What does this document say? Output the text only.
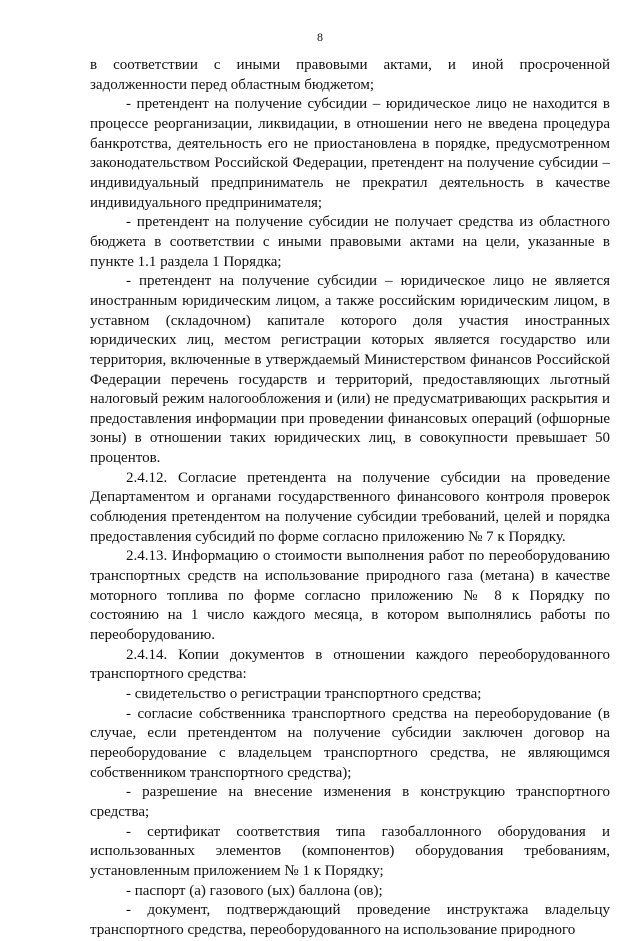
8

в соответствии с иными правовыми актами, и иной просроченной задолженности перед областным бюджетом;

- претендент на получение субсидии – юридическое лицо не находится в процессе реорганизации, ликвидации, в отношении него не введена процедура банкротства, деятельность его не приостановлена в порядке, предусмотренном законодательством Российской Федерации, претендент на получение субсидии – индивидуальный предприниматель не прекратил деятельность в качестве индивидуального предпринимателя;

- претендент на получение субсидии не получает средства из областного бюджета в соответствии с иными правовыми актами на цели, указанные в пункте 1.1 раздела 1 Порядка;

- претендент на получение субсидии – юридическое лицо не является иностранным юридическим лицом, а также российским юридическим лицом, в уставном (складочном) капитале которого доля участия иностранных юридических лиц, местом регистрации которых является государство или территория, включенные в утверждаемый Министерством финансов Российской Федерации перечень государств и территорий, предоставляющих льготный налоговый режим налогообложения и (или) не предусматривающих раскрытия и предоставления информации при проведении финансовых операций (офшорные зоны) в отношении таких юридических лиц, в совокупности превышает 50 процентов.

2.4.12. Согласие претендента на получение субсидии на проведение Департаментом и органами государственного финансового контроля проверок соблюдения претендентом на получение субсидии требований, целей и порядка предоставления субсидий по форме согласно приложению № 7 к Порядку.

2.4.13. Информацию о стоимости выполнения работ по переоборудованию транспортных средств на использование природного газа (метана) в качестве моторного топлива по форме согласно приложению № 8 к Порядку по состоянию на 1 число каждого месяца, в котором выполнялись работы по переоборудованию.

2.4.14. Копии документов в отношении каждого переоборудованного транспортного средства:

- свидетельство о регистрации транспортного средства;

- согласие собственника транспортного средства на переоборудование (в случае, если претендентом на получение субсидии заключен договор на переоборудование с владельцем транспортного средства, не являющимся собственником транспортного средства);

- разрешение на внесение изменения в конструкцию транспортного средства;

- сертификат соответствия типа газобаллонного оборудования и использованных элементов (компонентов) оборудования требованиям, установленным приложением № 1 к Порядку;

- паспорт (а) газового (ых) баллона (ов);

- документ, подтверждающий проведение инструктажа владельцу транспортного средства, переоборудованного на использование природного
